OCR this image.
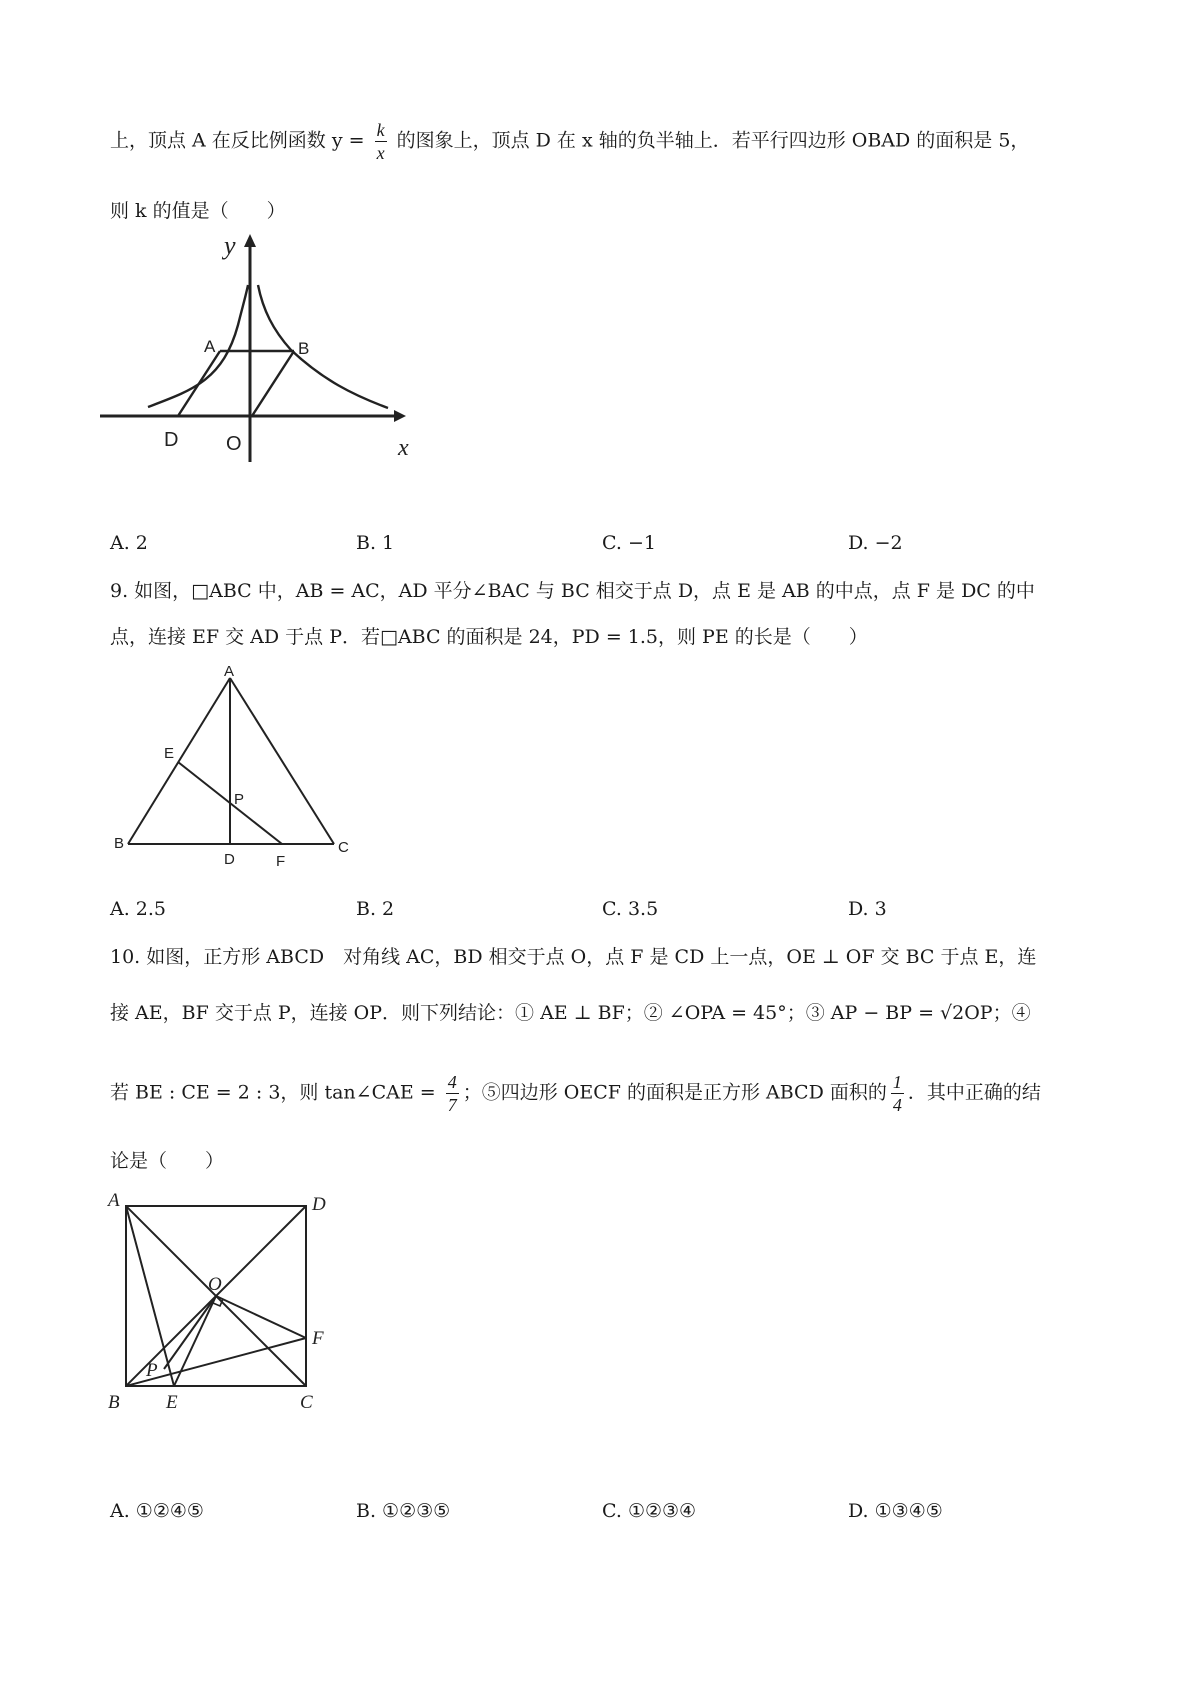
上，顶点 A 在反比例函数 $y = \frac{k}{x}$ 的图象上，顶点 D 在 x 轴的负半轴上．若平行四边形 OBAD 的面积是 5，
则 k 的值是（　　）
y
x
A	B
D O
A. 2	B. 1	C. −1	D. −2
9. 如图，□ABC 中，AB = AC，AD 平分∠BAC 与 BC 相交于点 D，点 E 是 AB 的中点，点 F 是 DC 的中
点，连接 EF 交 AD 于点 P．若□ABC 的面积是 24，PD = 1.5，则 PE 的长是（　　）
A
E
P
B	C
D	F
A. 2.5	B. 2	C. 3.5	D. 3
10. 如图，正方形 ABCD　对角线 AC，BD 相交于点 O，点 F 是 CD 上一点，OE ⊥ OF 交 BC 于点 E，连
接 AE，BF 交于点 P，连接 OP．则下列结论：① AE ⊥ BF；② ∠OPA = 45°；③ AP − BP = √2OP；④
若 BE : CE = 2 : 3，则 tan∠CAE = $\frac{4}{7}$ ；⑤四边形 OECF 的面积是正方形 ABCD 面积的 $\frac{1}{4}$ ．其中正确的结
论是（　　）
A	D
O
F
P
B E	C
A. ①②④⑤	B. ①②③⑤	C. ①②③④	D. ①③④⑤
